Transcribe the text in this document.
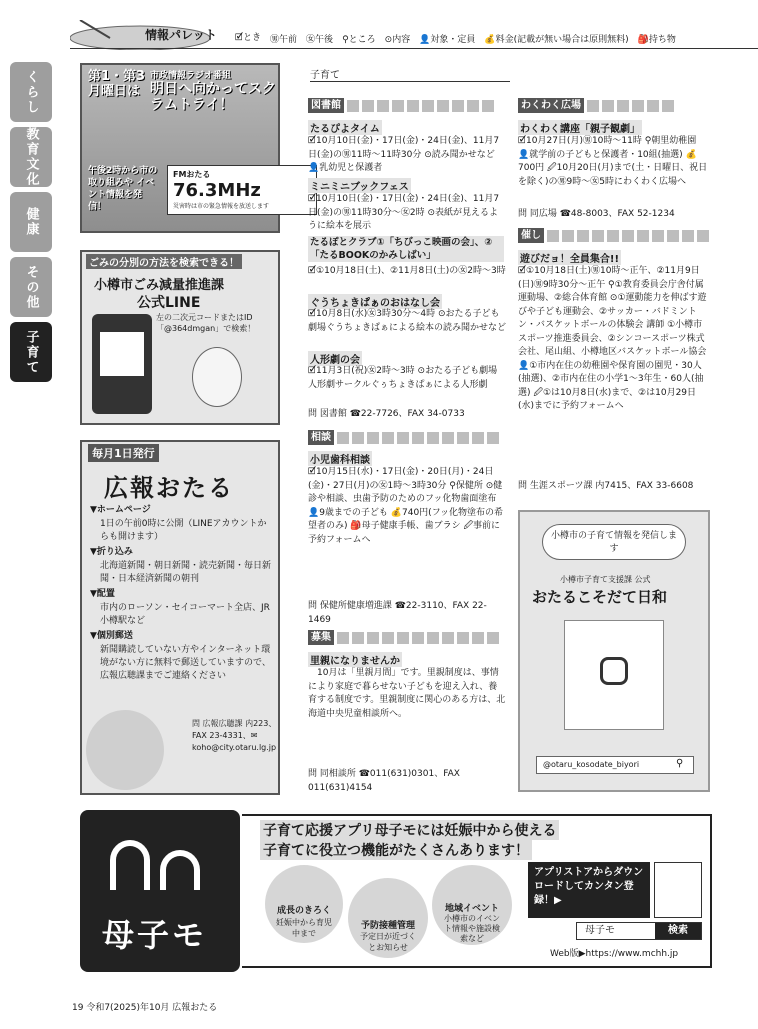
情報パレット 🗹とき ㊚午前 ㊛午後 ⚲ところ ⊙内容 👤対象・定員 💰料金(記載が無い場合は原則無料) 🎒持ち物
くらし
教育文化
健康
その他
子育て
第1・第3月曜日は
市政情報ラジオ番組
明日へ向かってスクラムトライ！
午後2時から市の取り組みや イベント情報を発信！
FMおたる
76.3MHz
災害時は市の緊急情報を放送します
ごみの分別の方法を検索できる！
小樽市ごみ減量推進課
公式LINE
左の二次元コードまたはID「@364dmgan」で検索！
毎月1日発行
広報おたる
▼ホームページ
1日の午前0時に公開（LINEアカウントからも開けます）
▼折り込み
北海道新聞・朝日新聞・読売新聞・毎日新聞・日本経済新聞の朝刊
▼配置
市内のローソン・セイコーマート全店、JR小樽駅など
▼個別郵送
新聞購読していない方やインターネット環境がない方に無料で郵送していますので、広報広聴課までご連絡ください
問 広報広聴課 内223、FAX 23-4331、✉koho@city.otaru.lg.jp
子育て
図書館
たるぴよタイム
🗹10月10日(金)・17日(金)・24日(金)、11月7日(金)の㊚11時〜11時30分 ⊙読み聞かせなど 👤乳幼児と保護者
ミニミニブックフェス
🗹10月10日(金)・17日(金)・24日(金)、11月7日(金)の㊚11時30分〜㊛2時 ⊙表紙が見えるように絵本を展示
たるぽとクラブ①「ちびっこ映画の会」、②「たるBOOKのかみしばい」
🗹①10月18日(土)、②11月8日(土)の㊛2時〜3時
ぐうちょきぱぁのおはなし会
🗹10月8日(水)㊛3時30分〜4時 ⊙おたる子ども劇場ぐうちょきぱぁによる絵本の読み聞かせなど
人形劇の会
🗹11月3日(祝)㊛2時〜3時 ⊙おたる子ども劇場人形劇サークルぐぅちょきぱぁによる人形劇
問 図書館 ☎22-7726、FAX 34-0733
相談
小児歯科相談
🗹10月15日(水)・17日(金)・20日(月)・24日(金)・27日(月)の㊛1時〜3時30分 ⚲保健所 ⊙健診や相談、虫歯予防のためのフッ化物歯面塗布 👤9歳までの子ども 💰740円(フッ化物塗布の希望者のみ) 🎒母子健康手帳、歯ブラシ 🖉事前に予約フォームへ
問 保健所健康増進課 ☎22-3110、FAX 22-1469
募集
里親になりませんか
10月は「里親月間」です。里親制度は、事情により家庭で暮らせない子どもを迎え入れ、養育する制度です。里親制度に関心のある方は、北海道中央児童相談所へ。
問 同相談所 ☎011(631)0301、FAX 011(631)4154
わくわく広場
わくわく講座「親子観劇」
🗹10月27日(月)㊚10時〜11時 ⚲朝里幼稚園 👤就学前の子どもと保護者・10組(抽選) 💰700円 🖉10月20日(月)まで(土・日曜日、祝日を除く)の㊚9時〜㊛5時にわくわく広場へ
問 同広場 ☎48-8003、FAX 52-1234
催し
遊びだョ！全員集合!!
🗹①10月18日(土)㊚10時〜正午、②11月9日(日)㊚9時30分〜正午 ⚲①教育委員会庁舎付属運動場、②総合体育館 ⊙①運動能力を伸ばす遊びや子ども運動会、②サッカー・バドミントン・バスケットボールの体験会 講師 ①小樽市スポーツ推進委員会、②シンコースポーツ株式会社、尾山組、小樽地区バスケットボール協会 👤①市内在住の幼稚園や保育園の園児・30人(抽選)、②市内在住の小学1〜3年生・60人(抽選) 🖉①は10月8日(水)まで、②は10月29日(水)までに予約フォームへ
問 生涯スポーツ課 内7415、FAX 33-6608
小樽市の子育て情報を発信します
小樽市子育て支援課 公式
おたるこそだて日和
@otaru_kosodate_biyori	⚲
母子モ
子育て応援アプリ母子モには妊娠中から使える
子育てに役立つ機能がたくさんあります！
成長のきろく
妊娠中から育児中まで
予防接種管理
予定日が近づくとお知らせ
地域イベント
小樽市のイベント情報や施設検索など
アプリストアからダウンロードしてカンタン登録！▶
母子モ	検索
Web版▶https://www.mchh.jp
19 令和7(2025)年10月 広報おたる
